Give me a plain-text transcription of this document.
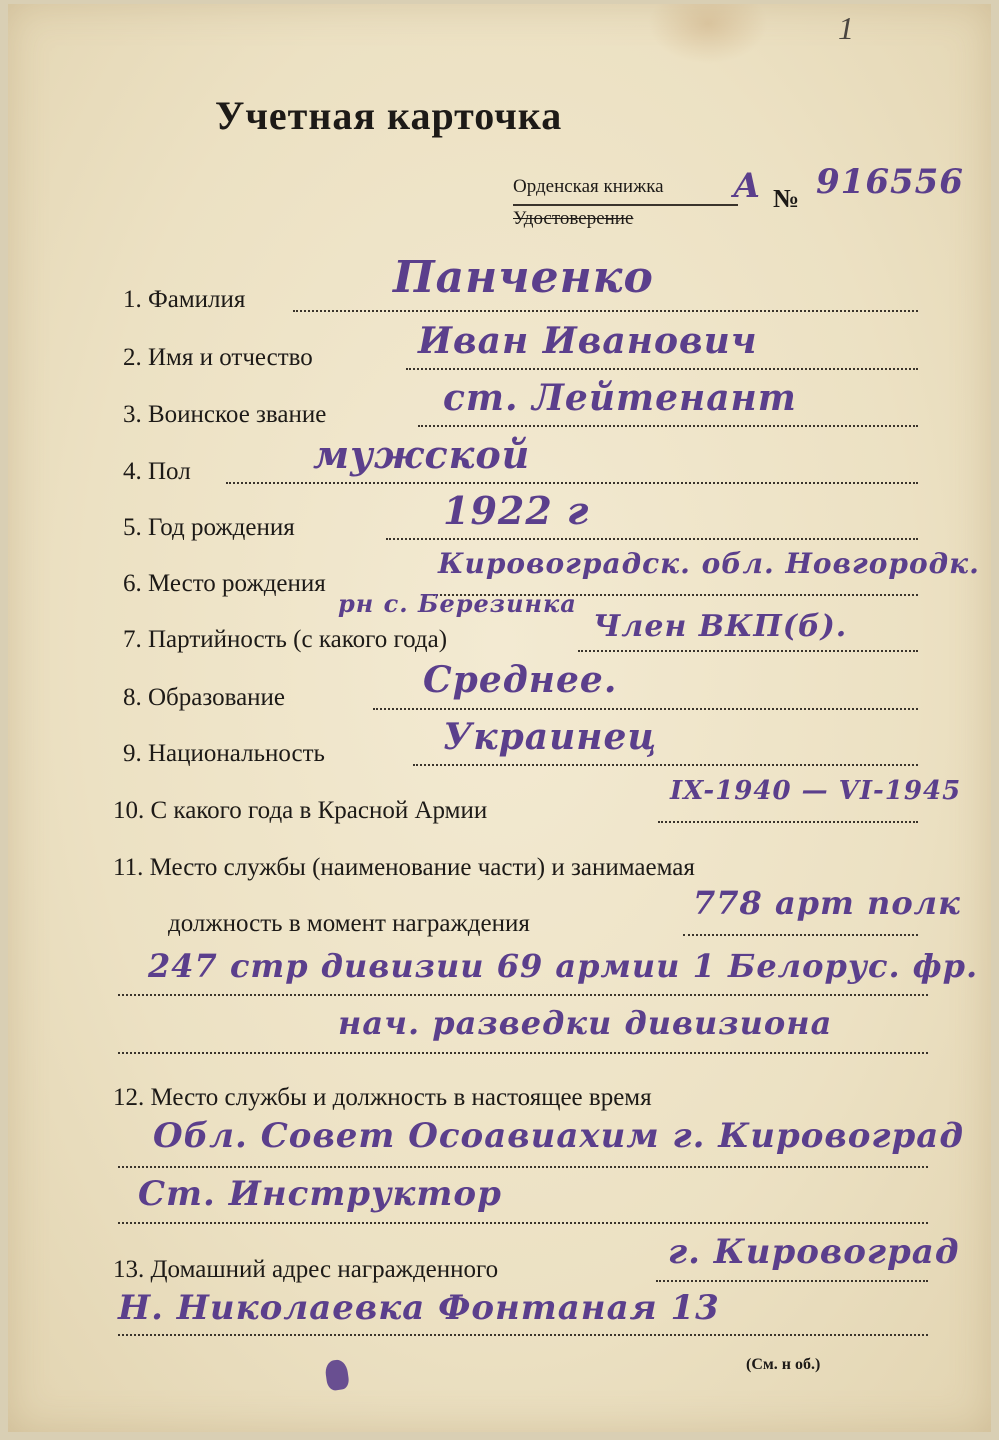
1
Учетная карточка
Орденская книжка
Удостоверение
А № 916556
1. Фамилия	Панченко
2. Имя и отчество	Иван Иванович
3. Воинское звание	ст. Лейтенант
4. Пол	мужской
5. Год рождения	1922 г
6. Место рождения
Кировоградск. обл. Новгородк.
рн с. Березинка
7. Партийность (с какого года)	Член ВКП(б).
8. Образование	Среднее.
9. Национальность	Украинец
10. С какого года в Красной Армии
IX-1940 — VI-1945
11. Место службы (наименование части) и занимаемая
должность в момент награждения
778 арт полк
247 стр дивизии 69 армии 1 Белорус. фр.
нач. разведки дивизиона
12. Место службы и должность в настоящее время
Обл. Совет Осоавиахим г. Кировоград
Ст. Инструктор
13. Домашний адрес награжденного	г. Кировоград
Н. Николаевка Фонтаная 13
(См. н об.)
